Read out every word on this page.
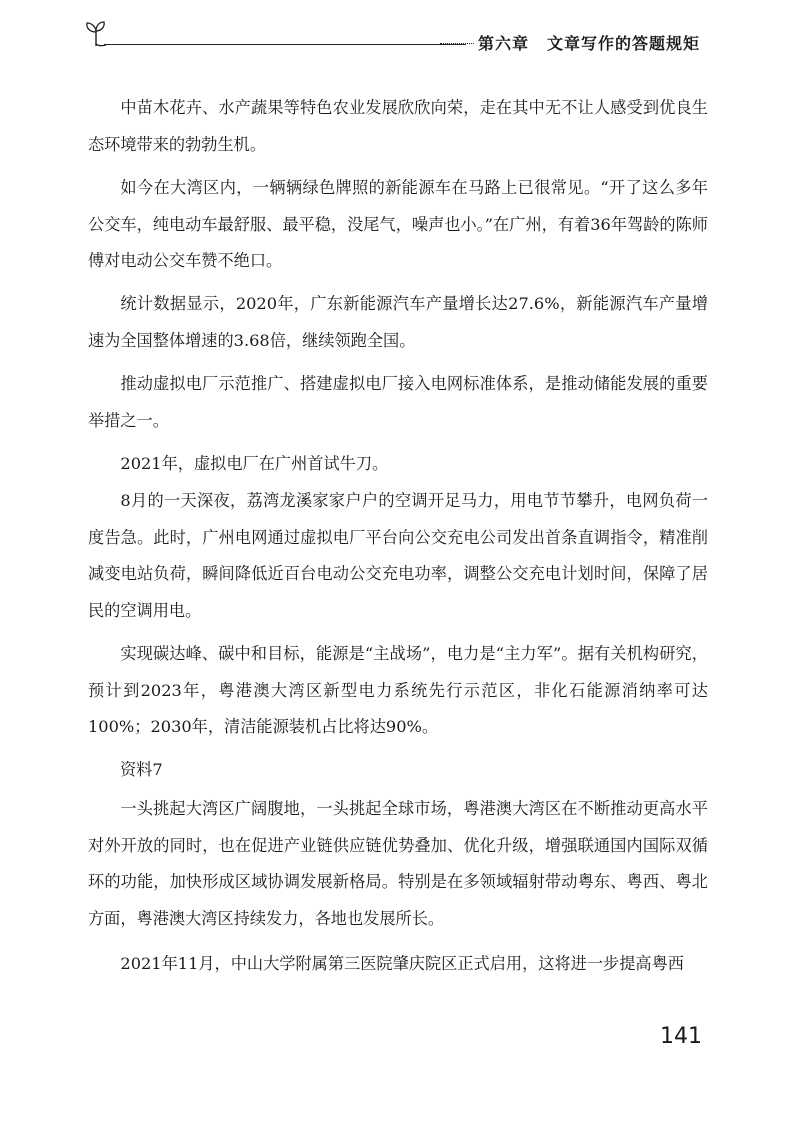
第六章 文章写作的答题规矩

中苗木花卉、水产蔬果等特色农业发展欣欣向荣，走在其中无不让人感受到优良生态环境带来的勃勃生机。

如今在大湾区内，一辆辆绿色牌照的新能源车在马路上已很常见。“开了这么多年公交车，纯电动车最舒服、最平稳，没尾气，噪声也小。”在广州，有着36年驾龄的陈师傅对电动公交车赞不绝口。

统计数据显示，2020年，广东新能源汽车产量增长达27.6%，新能源汽车产量增速为全国整体增速的3.68倍，继续领跑全国。

推动虚拟电厂示范推广、搭建虚拟电厂接入电网标准体系，是推动储能发展的重要举措之一。

2021年，虚拟电厂在广州首试牛刀。

8月的一天深夜，荔湾龙溪家家户户的空调开足马力，用电节节攀升，电网负荷一度告急。此时，广州电网通过虚拟电厂平台向公交充电公司发出首条直调指令，精准削减变电站负荷，瞬间降低近百台电动公交充电功率，调整公交充电计划时间，保障了居民的空调用电。

实现碳达峰、碳中和目标，能源是“主战场”，电力是“主力军”。据有关机构研究，预计到2023年，粤港澳大湾区新型电力系统先行示范区，非化石能源消纳率可达100%；2030年，清洁能源装机占比将达90%。

资料7

一头挑起大湾区广阔腹地，一头挑起全球市场，粤港澳大湾区在不断推动更高水平对外开放的同时，也在促进产业链供应链优势叠加、优化升级，增强联通国内国际双循环的功能，加快形成区域协调发展新格局。特别是在多领域辐射带动粤东、粤西、粤北方面，粤港澳大湾区持续发力，各地也发展所长。

2021年11月，中山大学附属第三医院肇庆院区正式启用，这将进一步提高粤西

141
